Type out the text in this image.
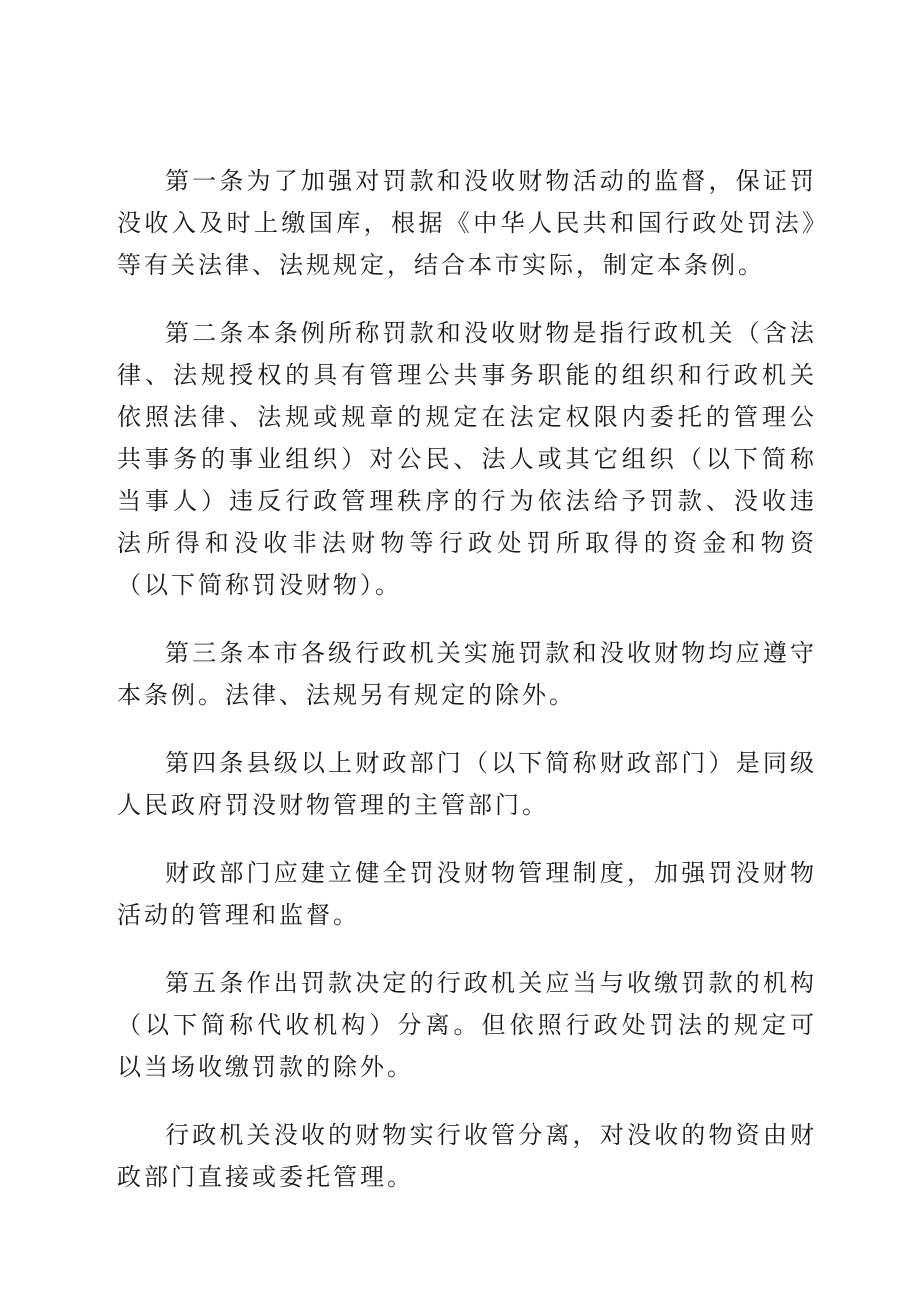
第一条为了加强对罚款和没收财物活动的监督，保证罚没收入及时上缴国库，根据《中华人民共和国行政处罚法》等有关法律、法规规定，结合本市实际，制定本条例。

第二条本条例所称罚款和没收财物是指行政机关（含法律、法规授权的具有管理公共事务职能的组织和行政机关依照法律、法规或规章的规定在法定权限内委托的管理公共事务的事业组织）对公民、法人或其它组织（以下简称当事人）违反行政管理秩序的行为依法给予罚款、没收违法所得和没收非法财物等行政处罚所取得的资金和物资（以下简称罚没财物）。

第三条本市各级行政机关实施罚款和没收财物均应遵守本条例。法律、法规另有规定的除外。

第四条县级以上财政部门（以下简称财政部门）是同级人民政府罚没财物管理的主管部门。

财政部门应建立健全罚没财物管理制度，加强罚没财物活动的管理和监督。

第五条作出罚款决定的行政机关应当与收缴罚款的机构（以下简称代收机构）分离。但依照行政处罚法的规定可以当场收缴罚款的除外。

行政机关没收的财物实行收管分离，对没收的物资由财政部门直接或委托管理。
